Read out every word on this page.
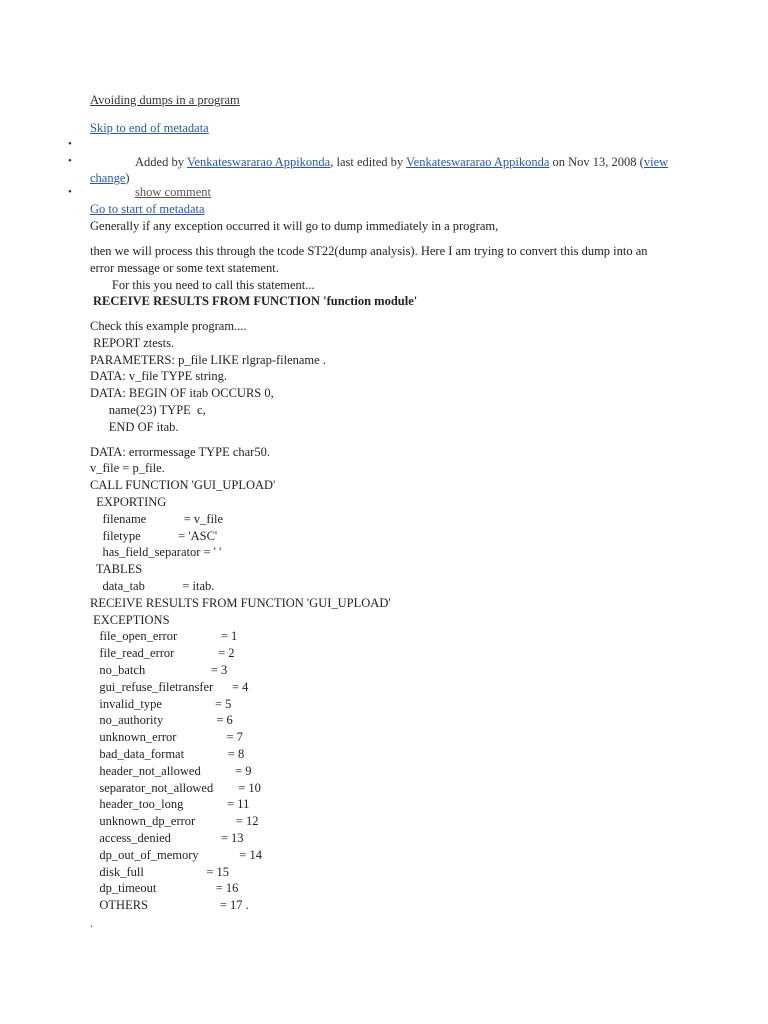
Avoiding dumps in a program
Skip to end of metadata
•
•
•
Added by Venkateswararao Appikonda, last edited by Venkateswararao Appikonda on Nov 13, 2008 (view change)
show comment
Go to start of metadata
Generally if any exception occurred it will go to dump immediately in a program,
then we will process this through the tcode ST22(dump analysis). Here I am trying to convert this dump into an
error message or some text statement.
For this you need to call this statement...
RECEIVE RESULTS FROM FUNCTION 'function module'
Check this example program....
REPORT ztests.
PARAMETERS: p_file LIKE rlgrap-filename .
DATA: v_file TYPE string.
DATA: BEGIN OF itab OCCURS 0,
name(23) TYPE  c,
END OF itab.
DATA: errormessage TYPE char50.
v_file = p_file.
CALL FUNCTION 'GUI_UPLOAD'
EXPORTING
filename            = v_file
filetype            = 'ASC'
has_field_separator = ' '
TABLES
data_tab            = itab.
RECEIVE RESULTS FROM FUNCTION 'GUI_UPLOAD'
EXCEPTIONS
file_open_error              = 1
file_read_error              = 2
no_batch                     = 3
gui_refuse_filetransfer      = 4
invalid_type                 = 5
no_authority                 = 6
unknown_error                = 7
bad_data_format              = 8
header_not_allowed           = 9
separator_not_allowed        = 10
header_too_long              = 11
unknown_dp_error             = 12
access_denied                = 13
dp_out_of_memory             = 14
disk_full                    = 15
dp_timeout                   = 16
OTHERS                       = 17 .
.
